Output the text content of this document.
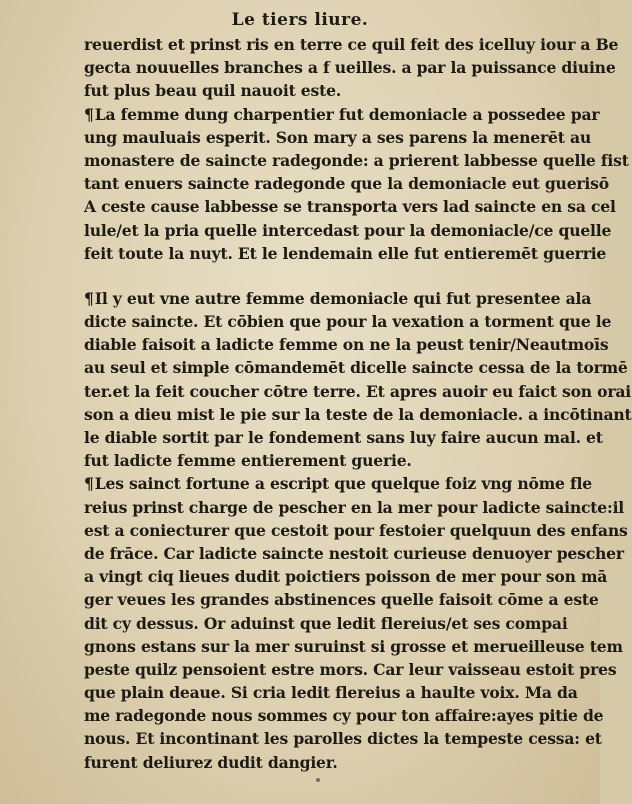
Le tiers liure.
reuerdist et prinst ris en terre ce quil feit des icelluy iour a Be
gecta nouuelles branches a f ueilles. a par la puissance diuine
fut plus beau quil nauoit este.
¶La femme dung charpentier fut demoniacle a possedee par
ung mauluais esperit. Son mary a ses parens la menerēt au
monastere de saincte radegonde: a prierent labbesse quelle fist
tant enuers saincte radegonde que la demoniacle eut guerisō
A ceste cause labbesse se transporta vers lad saincte en sa cel
lule/et la pria quelle intercedast pour la demoniacle/ce quelle
feit toute la nuyt. Et le lendemain elle fut entieremēt guerrie
¶Il y eut vne autre femme demoniacle qui fut presentee ala
dicte saincte. Et cōbien que pour la vexation a torment que le
diable faisoit a ladicte femme on ne la peust tenir/Neautmoīs
au seul et simple cōmandemēt dicelle saincte cessa de la tormē
ter.et la feit coucher cōtre terre. Et apres auoir eu faict son orai
son a dieu mist le pie sur la teste de la demoniacle. a incōtinant
le diable sortit par le fondement sans luy faire aucun mal. et
fut ladicte femme entierement guerie.
¶Les sainct fortune a escript que quelque foiz vng nōme fle
reius prinst charge de pescher en la mer pour ladicte saincte:il
est a coniecturer que cestoit pour festoier quelquun des enfans
de frāce. Car ladicte saincte nestoit curieuse denuoyer pescher
a vingt ciq lieues dudit poictiers poisson de mer pour son mā
ger veues les grandes abstinences quelle faisoit cōme a este
dit cy dessus. Or aduinst que ledit flereius/et ses compai
gnons estans sur la mer suruinst si grosse et merueilleuse tem
peste quilz pensoient estre mors. Car leur vaisseau estoit pres
que plain deaue. Si cria ledit flereius a haulte voix. Ma da
me radegonde nous sommes cy pour ton affaire:ayes pitie de
nous. Et incontinant les parolles dictes la tempeste cessa: et
furent deliurez dudit dangier.
